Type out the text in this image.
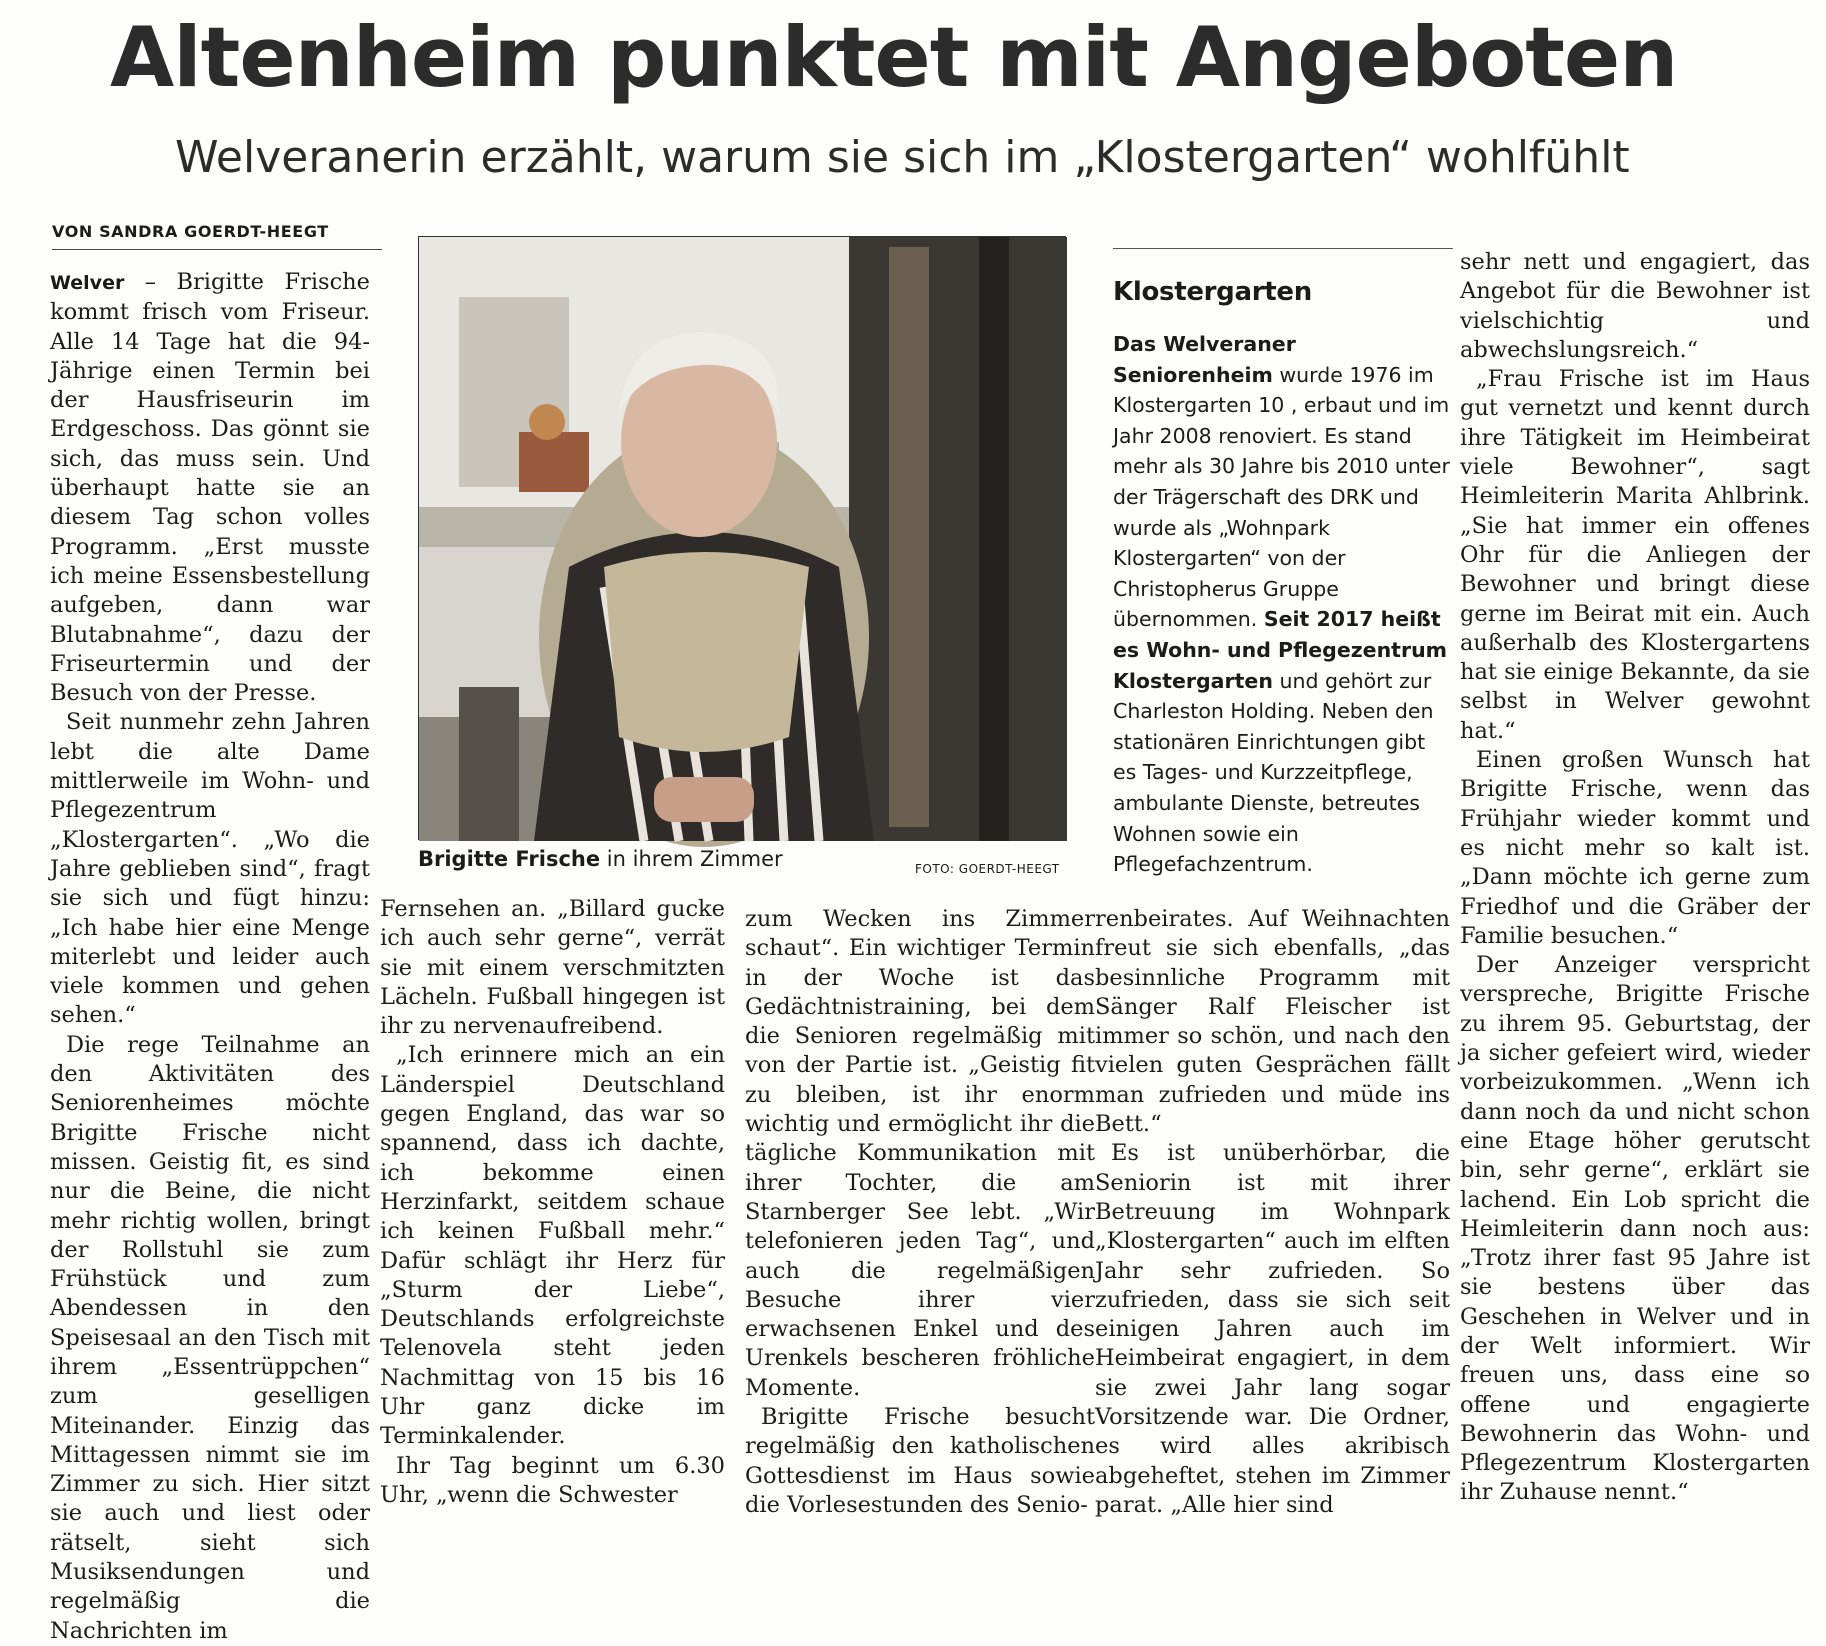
Altenheim punktet mit Angeboten
Welveranerin erzählt, warum sie sich im „Klostergarten“ wohlfühlt
VON SANDRA GOERDT-HEEGT

Welver – Brigitte Frische kommt frisch vom Friseur. Alle 14 Tage hat die 94-Jährige einen Termin bei der Hausfriseurin im Erdgeschoss. Das gönnt sie sich, das muss sein. Und überhaupt hatte sie an diesem Tag schon volles Programm. „Erst musste ich meine Essensbestellung aufgeben, dann war Blutabnahme“, dazu der Friseurtermin und der Besuch von der Presse.

Seit nunmehr zehn Jahren lebt die alte Dame mittlerweile im Wohn- und Pflegezentrum „Klostergarten“. „Wo die Jahre geblieben sind“, fragt sie sich und fügt hinzu: „Ich habe hier eine Menge miterlebt und leider auch viele kommen und gehen sehen.“

Die rege Teilnahme an den Aktivitäten des Seniorenheimes möchte Brigitte Frische nicht missen. Geistig fit, es sind nur die Beine, die nicht mehr richtig wollen, bringt der Rollstuhl sie zum Frühstück und zum Abendessen in den Speisesaal an den Tisch mit ihrem „Essentrüppchen“ zum geselligen Miteinander. Einzig das Mittagessen nimmt sie im Zimmer zu sich. Hier sitzt sie auch und liest oder rätselt, sieht sich Musiksendungen und regelmäßig die Nachrichten im

Brigitte Frische in ihrem Zimmer	FOTO: GOERDT-HEEGT

Fernsehen an. „Billard gucke ich auch sehr gerne“, verrät sie mit einem verschmitzten Lächeln. Fußball hingegen ist ihr zu nervenaufreibend.

„Ich erinnere mich an ein Länderspiel Deutschland gegen England, das war so spannend, dass ich dachte, ich bekomme einen Herzinfarkt, seitdem schaue ich keinen Fußball mehr.“ Dafür schlägt ihr Herz für „Sturm der Liebe“, Deutschlands erfolgreichste Telenovela steht jeden Nachmittag von 15 bis 16 Uhr ganz dicke im Terminkalender.

Ihr Tag beginnt um 6.30 Uhr, „wenn die Schwester

zum Wecken ins Zimmer schaut“. Ein wichtiger Termin in der Woche ist das Gedächtnistraining, bei dem die Senioren regelmäßig mit von der Partie ist. „Geistig fit zu bleiben, ist ihr enorm wichtig und ermöglicht ihr die tägliche Kommunikation mit ihrer Tochter, die am Starnberger See lebt. „Wir telefonieren jeden Tag“, und auch die regelmäßigen Besuche ihrer vier erwachsenen Enkel und des Urenkels bescheren fröhliche Momente.

Brigitte Frische besucht regelmäßig den katholischen Gottesdienst im Haus sowie die Vorlesestunden des Senio-

Klostergarten
Das Welveraner Seniorenheim wurde 1976 im Klostergarten 10 , erbaut und im Jahr 2008 renoviert. Es stand mehr als 30 Jahre bis 2010 unter der Trägerschaft des DRK und wurde als „Wohnpark Klostergarten“ von der Christopherus Gruppe übernommen. Seit 2017 heißt es Wohn- und Pflegezentrum Klostergarten und gehört zur Charleston Holding. Neben den stationären Einrichtungen gibt es Tages- und Kurzzeitpflege, ambulante Dienste, betreutes Wohnen sowie ein Pflegefachzentrum.

renbeirates. Auf Weihnachten freut sie sich ebenfalls, „das besinnliche Programm mit Sänger Ralf Fleischer ist immer so schön, und nach den vielen guten Gesprächen fällt man zufrieden und müde ins Bett.“

Es ist unüberhörbar, die Seniorin ist mit ihrer Betreuung im Wohnpark „Klostergarten“ auch im elften Jahr sehr zufrieden. So zufrieden, dass sie sich seit einigen Jahren auch im Heimbeirat engagiert, in dem sie zwei Jahr lang sogar Vorsitzende war. Die Ordner, es wird alles akribisch abgeheftet, stehen im Zimmer parat. „Alle hier sind

sehr nett und engagiert, das Angebot für die Bewohner ist vielschichtig und abwechslungsreich.“

„Frau Frische ist im Haus gut vernetzt und kennt durch ihre Tätigkeit im Heimbeirat viele Bewohner“, sagt Heimleiterin Marita Ahlbrink. „Sie hat immer ein offenes Ohr für die Anliegen der Bewohner und bringt diese gerne im Beirat mit ein. Auch außerhalb des Klostergartens hat sie einige Bekannte, da sie selbst in Welver gewohnt hat.“

Einen großen Wunsch hat Brigitte Frische, wenn das Frühjahr wieder kommt und es nicht mehr so kalt ist. „Dann möchte ich gerne zum Friedhof und die Gräber der Familie besuchen.“

Der Anzeiger verspricht verspreche, Brigitte Frische zu ihrem 95. Geburtstag, der ja sicher gefeiert wird, wieder vorbeizukommen. „Wenn ich dann noch da und nicht schon eine Etage höher gerutscht bin, sehr gerne“, erklärt sie lachend. Ein Lob spricht die Heimleiterin dann noch aus: „Trotz ihrer fast 95 Jahre ist sie bestens über das Geschehen in Welver und in der Welt informiert. Wir freuen uns, dass eine so offene und engagierte Bewohnerin das Wohn- und Pflegezentrum Klostergarten ihr Zuhause nennt.“
